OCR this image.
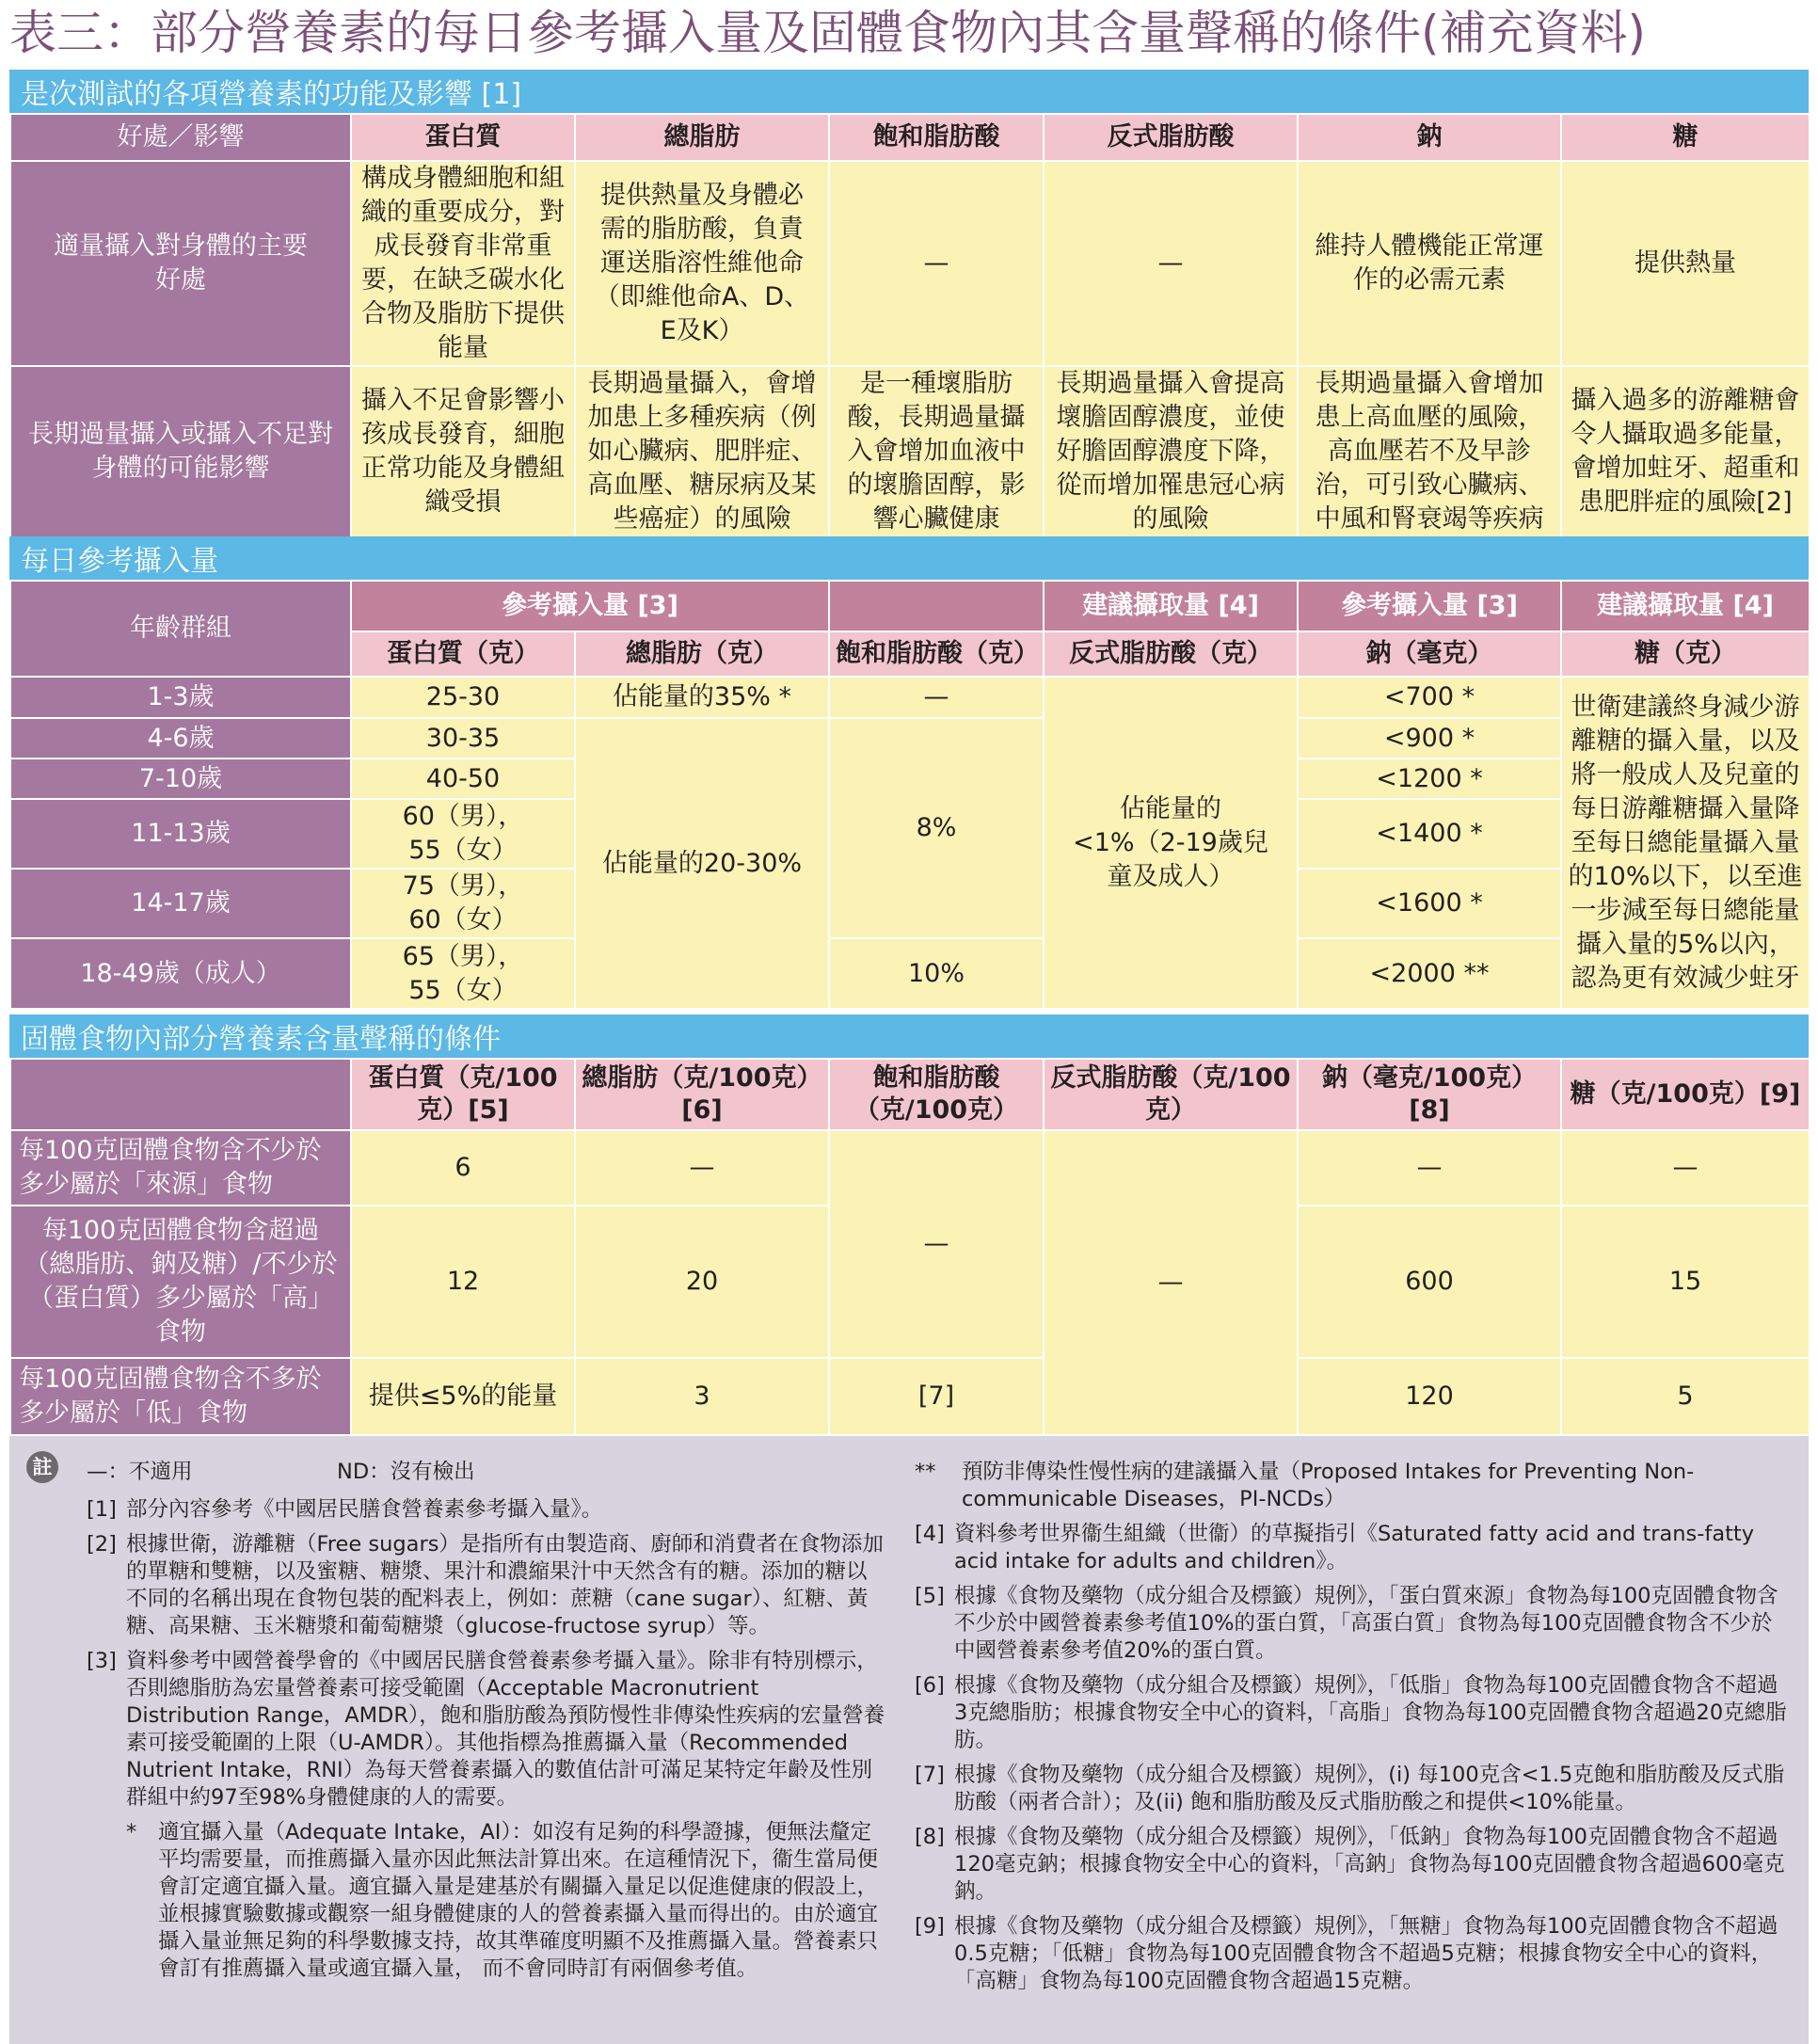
表三：部分營養素的每日參考攝入量及固體食物內其含量聲稱的條件(補充資料)
是次測試的各項營養素的功能及影響 [1]
好處／影響	蛋白質	總脂肪	飽和脂肪酸	反式脂肪酸	鈉	糖
適量攝入對身體的主要好處	構成身體細胞和組織的重要成分，對成長發育非常重要，在缺乏碳水化合物及脂肪下提供能量	提供熱量及身體必需的脂肪酸，負責運送脂溶性維他命（即維他命A、D、E及K）	—	—	維持人體機能正常運作的必需元素	提供熱量
長期過量攝入或攝入不足對身體的可能影響	攝入不足會影響小孩成長發育，細胞正常功能及身體組織受損	長期過量攝入，會增加患上多種疾病（例如心臟病、肥胖症、高血壓、糖尿病及某些癌症）的風險	是一種壞脂肪酸，長期過量攝入會增加血液中的壞膽固醇，影響心臟健康	長期過量攝入會提高壞膽固醇濃度，並使好膽固醇濃度下降，從而增加罹患冠心病的風險	長期過量攝入會增加患上高血壓的風險，高血壓若不及早診治，可引致心臟病、中風和腎衰竭等疾病	攝入過多的游離糖會令人攝取過多能量，會增加蛀牙、超重和患肥胖症的風險[2]
每日參考攝入量
年齡群組	參考攝入量 [3]			建議攝取量 [4]	參考攝入量 [3]	建議攝取量 [4]
	蛋白質（克）	總脂肪（克）	飽和脂肪酸（克）	反式脂肪酸（克）	鈉（毫克）	糖（克）
1-3歲	25-30	佔能量的35% *	—	佔能量的<1%（2-19歲兒童及成人）	<700 *	世衛建議終身減少游離糖的攝入量，以及將一般成人及兒童的每日游離糖攝入量降至每日總能量攝入量的10%以下，以至進一步減至每日總能量攝入量的5%以內，認為更有效減少蛀牙
4-6歲	30-35	佔能量的20-30%	8%		<900 *	
7-10歲	40-50				<1200 *	
11-13歲	60（男），55（女）				<1400 *	
14-17歲	75（男），60（女）				<1600 *	
18-49歲（成人）	65（男），55（女）		10%		<2000 **	
固體食物內部分營養素含量聲稱的條件
	蛋白質（克/100克）[5]	總脂肪（克/100克）[6]	飽和脂肪酸（克/100克）	反式脂肪酸（克/100克）	鈉（毫克/100克）[8]	糖（克/100克）[9]
每100克固體食物含不少於多少屬於「來源」食物	6	—	—	—	—	—
每100克固體食物含超過（總脂肪、鈉及糖）/不少於（蛋白質）多少屬於「高」食物	12	20			600	15
每100克固體食物含不多於多少屬於「低」食物	提供≤5%的能量	3	[7]		120	5
註 —：不適用	ND：沒有檢出
[1] 部分內容參考《中國居民膳食營養素參考攝入量》。
[2] 根據世衛，游離糖（Free sugars）是指所有由製造商、廚師和消費者在食物添加的單糖和雙糖，以及蜜糖、糖漿、果汁和濃縮果汁中天然含有的糖。添加的糖以不同的名稱出現在食物包裝的配料表上，例如：蔗糖（cane sugar）、紅糖、黃糖、高果糖、玉米糖漿和葡萄糖漿（glucose-fructose syrup）等。
[3] 資料參考中國營養學會的《中國居民膳食營養素參考攝入量》。除非有特別標示，否則總脂肪為宏量營養素可接受範圍（Acceptable Macronutrient Distribution Range，AMDR），飽和脂肪酸為預防慢性非傳染性疾病的宏量營養素可接受範圍的上限（U-AMDR）。其他指標為推薦攝入量（Recommended Nutrient Intake，RNI）為每天營養素攝入的數值估計可滿足某特定年齡及性別群組中約97至98%身體健康的人的需要。
*	適宜攝入量（Adequate Intake，AI）：如沒有足夠的科學證據，便無法釐定平均需要量，而推薦攝入量亦因此無法計算出來。在這種情況下，衞生當局便會訂定適宜攝入量。適宜攝入量是建基於有關攝入量足以促進健康的假設上，並根據實驗數據或觀察一組身體健康的人的營養素攝入量而得出的。由於適宜攝入量並無足夠的科學數據支持，故其準確度明顯不及推薦攝入量。營養素只會訂有推薦攝入量或適宜攝入量， 而不會同時訂有兩個參考值。
**	預防非傳染性慢性病的建議攝入量（Proposed Intakes for Preventing Non-communicable Diseases，PI-NCDs）
[4] 資料參考世界衞生組織（世衞）的草擬指引《Saturated fatty acid and trans-fatty acid intake for adults and children》。
[5] 根據《食物及藥物（成分組合及標籤）規例》，「蛋白質來源」食物為每100克固體食物含不少於中國營養素參考值10%的蛋白質，「高蛋白質」食物為每100克固體食物含不少於中國營養素參考值20%的蛋白質。
[6] 根據《食物及藥物（成分組合及標籤）規例》，「低脂」食物為每100克固體食物含不超過3克總脂肪；根據食物安全中心的資料，「高脂」食物為每100克固體食物含超過20克總脂肪。
[7] 根據《食物及藥物（成分組合及標籤）規例》，(i) 每100克含<1.5克飽和脂肪酸及反式脂肪酸（兩者合計）；及(ii) 飽和脂肪酸及反式脂肪酸之和提供<10%能量。
[8] 根據《食物及藥物（成分組合及標籤）規例》，「低鈉」食物為每100克固體食物含不超過120毫克鈉；根據食物安全中心的資料，「高鈉」食物為每100克固體食物含超過600毫克鈉。
[9] 根據《食物及藥物（成分組合及標籤）規例》，「無糖」食物為每100克固體食物含不超過0.5克糖；「低糖」食物為每100克固體食物含不超過5克糖；根據食物安全中心的資料，「高糖」食物為每100克固體食物含超過15克糖。
